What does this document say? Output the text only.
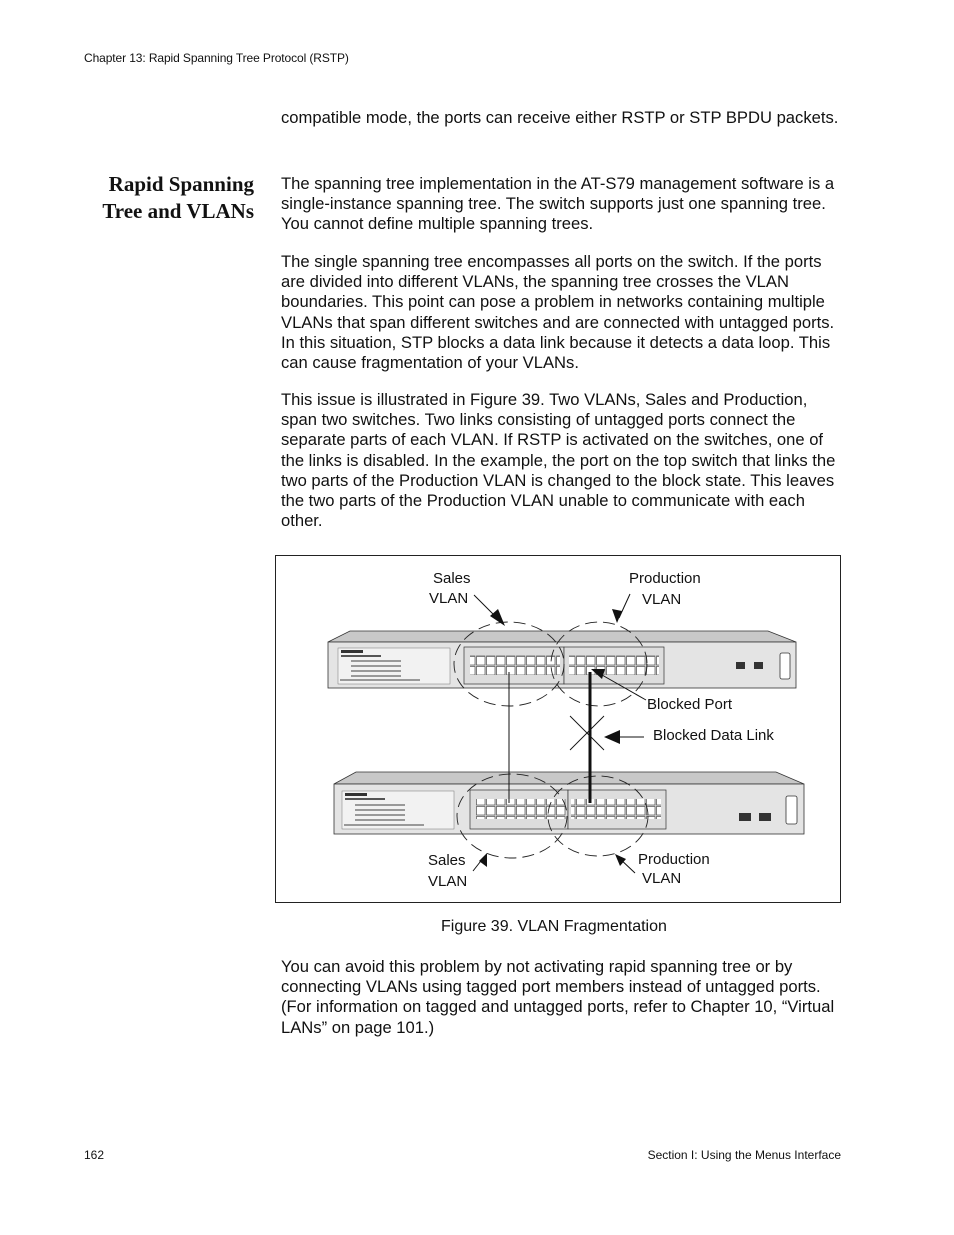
Chapter 13: Rapid Spanning Tree Protocol (RSTP)

compatible mode, the ports can receive either RSTP or STP BPDU packets.

Rapid Spanning
Tree and VLANs

The spanning tree implementation in the AT-S79 management software is a single-instance spanning tree. The switch supports just one spanning tree. You cannot define multiple spanning trees.

The single spanning tree encompasses all ports on the switch. If the ports are divided into different VLANs, the spanning tree crosses the VLAN boundaries. This point can pose a problem in networks containing multiple VLANs that span different switches and are connected with untagged ports. In this situation, STP blocks a data link because it detects a data loop. This can cause fragmentation of your VLANs.

This issue is illustrated in Figure 39. Two VLANs, Sales and Production, span two switches. Two links consisting of untagged ports connect the separate parts of each VLAN. If RSTP is activated on the switches, one of the links is disabled. In the example, the port on the top switch that links the two parts of the Production VLAN is changed to the block state. This leaves the two parts of the Production VLAN unable to communicate with each other.

Sales
VLAN
Production
VLAN
Blocked Port
Blocked Data Link
Sales
VLAN
Production
VLAN
Figure 39. VLAN Fragmentation

You can avoid this problem by not activating rapid spanning tree or by connecting VLANs using tagged port members instead of untagged ports. (For information on tagged and untagged ports, refer to Chapter 10, “Virtual LANs” on page 101.)

162	Section I: Using the Menus Interface
